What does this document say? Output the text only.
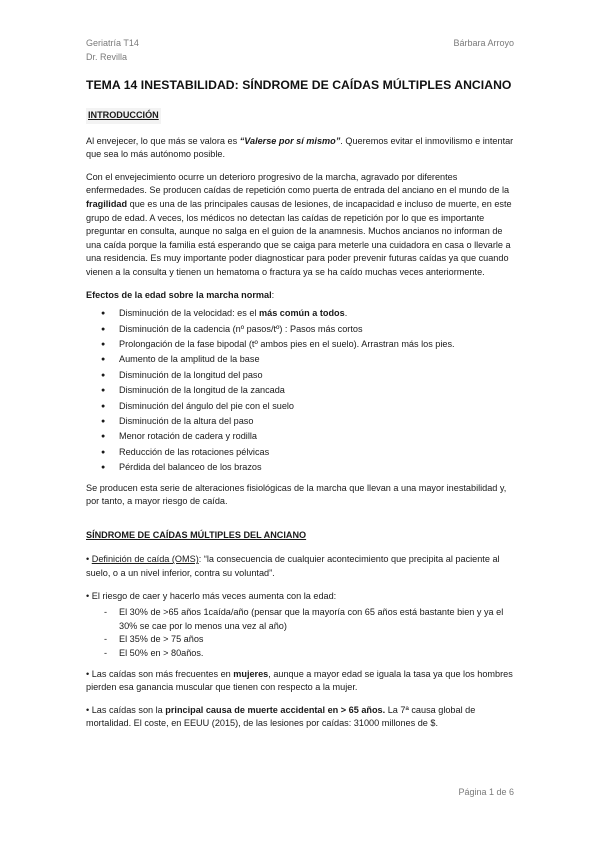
Geriatría T14
Dr. Revilla
Bárbara Arroyo
TEMA 14 INESTABILIDAD: SÍNDROME DE CAÍDAS MÚLTIPLES ANCIANO
INTRODUCCIÓN

Al envejecer, lo que más se valora es “Valerse por sí mismo”. Queremos evitar el inmovilismo e intentar que sea lo más autónomo posible.

Con el envejecimiento ocurre un deterioro progresivo de la marcha, agravado por diferentes enfermedades. Se producen caídas de repetición como puerta de entrada del anciano en el mundo de la fragilidad que es una de las principales causas de lesiones, de incapacidad e incluso de muerte, en este grupo de edad. A veces, los médicos no detectan las caídas de repetición por lo que es importante preguntar en consulta, aunque no salga en el guion de la anamnesis. Muchos ancianos no informan de una caída porque la familia está esperando que se caiga para meterle una cuidadora en casa o llevarle a una residencia. Es muy importante poder diagnosticar para poder prevenir futuras caídas ya que cuando vienen a la consulta y tienen un hematoma o fractura ya se ha caído muchas veces anteriormente.

Efectos de la edad sobre la marcha normal:

● Disminución de la velocidad: es el más común a todos.
● Disminución de la cadencia (nº pasos/tº) : Pasos más cortos
● Prolongación de la fase bipodal (tº ambos pies en el suelo). Arrastran más los pies.
● Aumento de la amplitud de la base
● Disminución de la longitud del paso
● Disminución de la longitud de la zancada
● Disminución del ángulo del pie con el suelo
● Disminución de la altura del paso
● Menor rotación de cadera y rodilla
● Reducción de las rotaciones pélvicas
● Pérdida del balanceo de los brazos

Se producen esta serie de alteraciones fisiológicas de la marcha que llevan a una mayor inestabilidad y, por tanto, a mayor riesgo de caída.

SÍNDROME DE CAÍDAS MÚLTIPLES DEL ANCIANO

• Definición de caída (OMS): “la consecuencia de cualquier acontecimiento que precipita al paciente al suelo, o a un nivel inferior, contra su voluntad”.

• El riesgo de caer y hacerlo más veces aumenta con la edad:

- El 30% de >65 años 1caída/año (pensar que la mayoría con 65 años está bastante bien y ya el 30% se cae por lo menos una vez al año)
- El 35% de > 75 años
- El 50% en > 80años.

• Las caídas son más frecuentes en mujeres, aunque a mayor edad se iguala la tasa ya que los hombres pierden esa ganancia muscular que tienen con respecto a la mujer.

• Las caídas son la principal causa de muerte accidental en > 65 años. La 7ª causa global de mortalidad. El coste, en EEUU (2015), de las lesiones por caídas: 31000 millones de $.

Página 1 de 6
